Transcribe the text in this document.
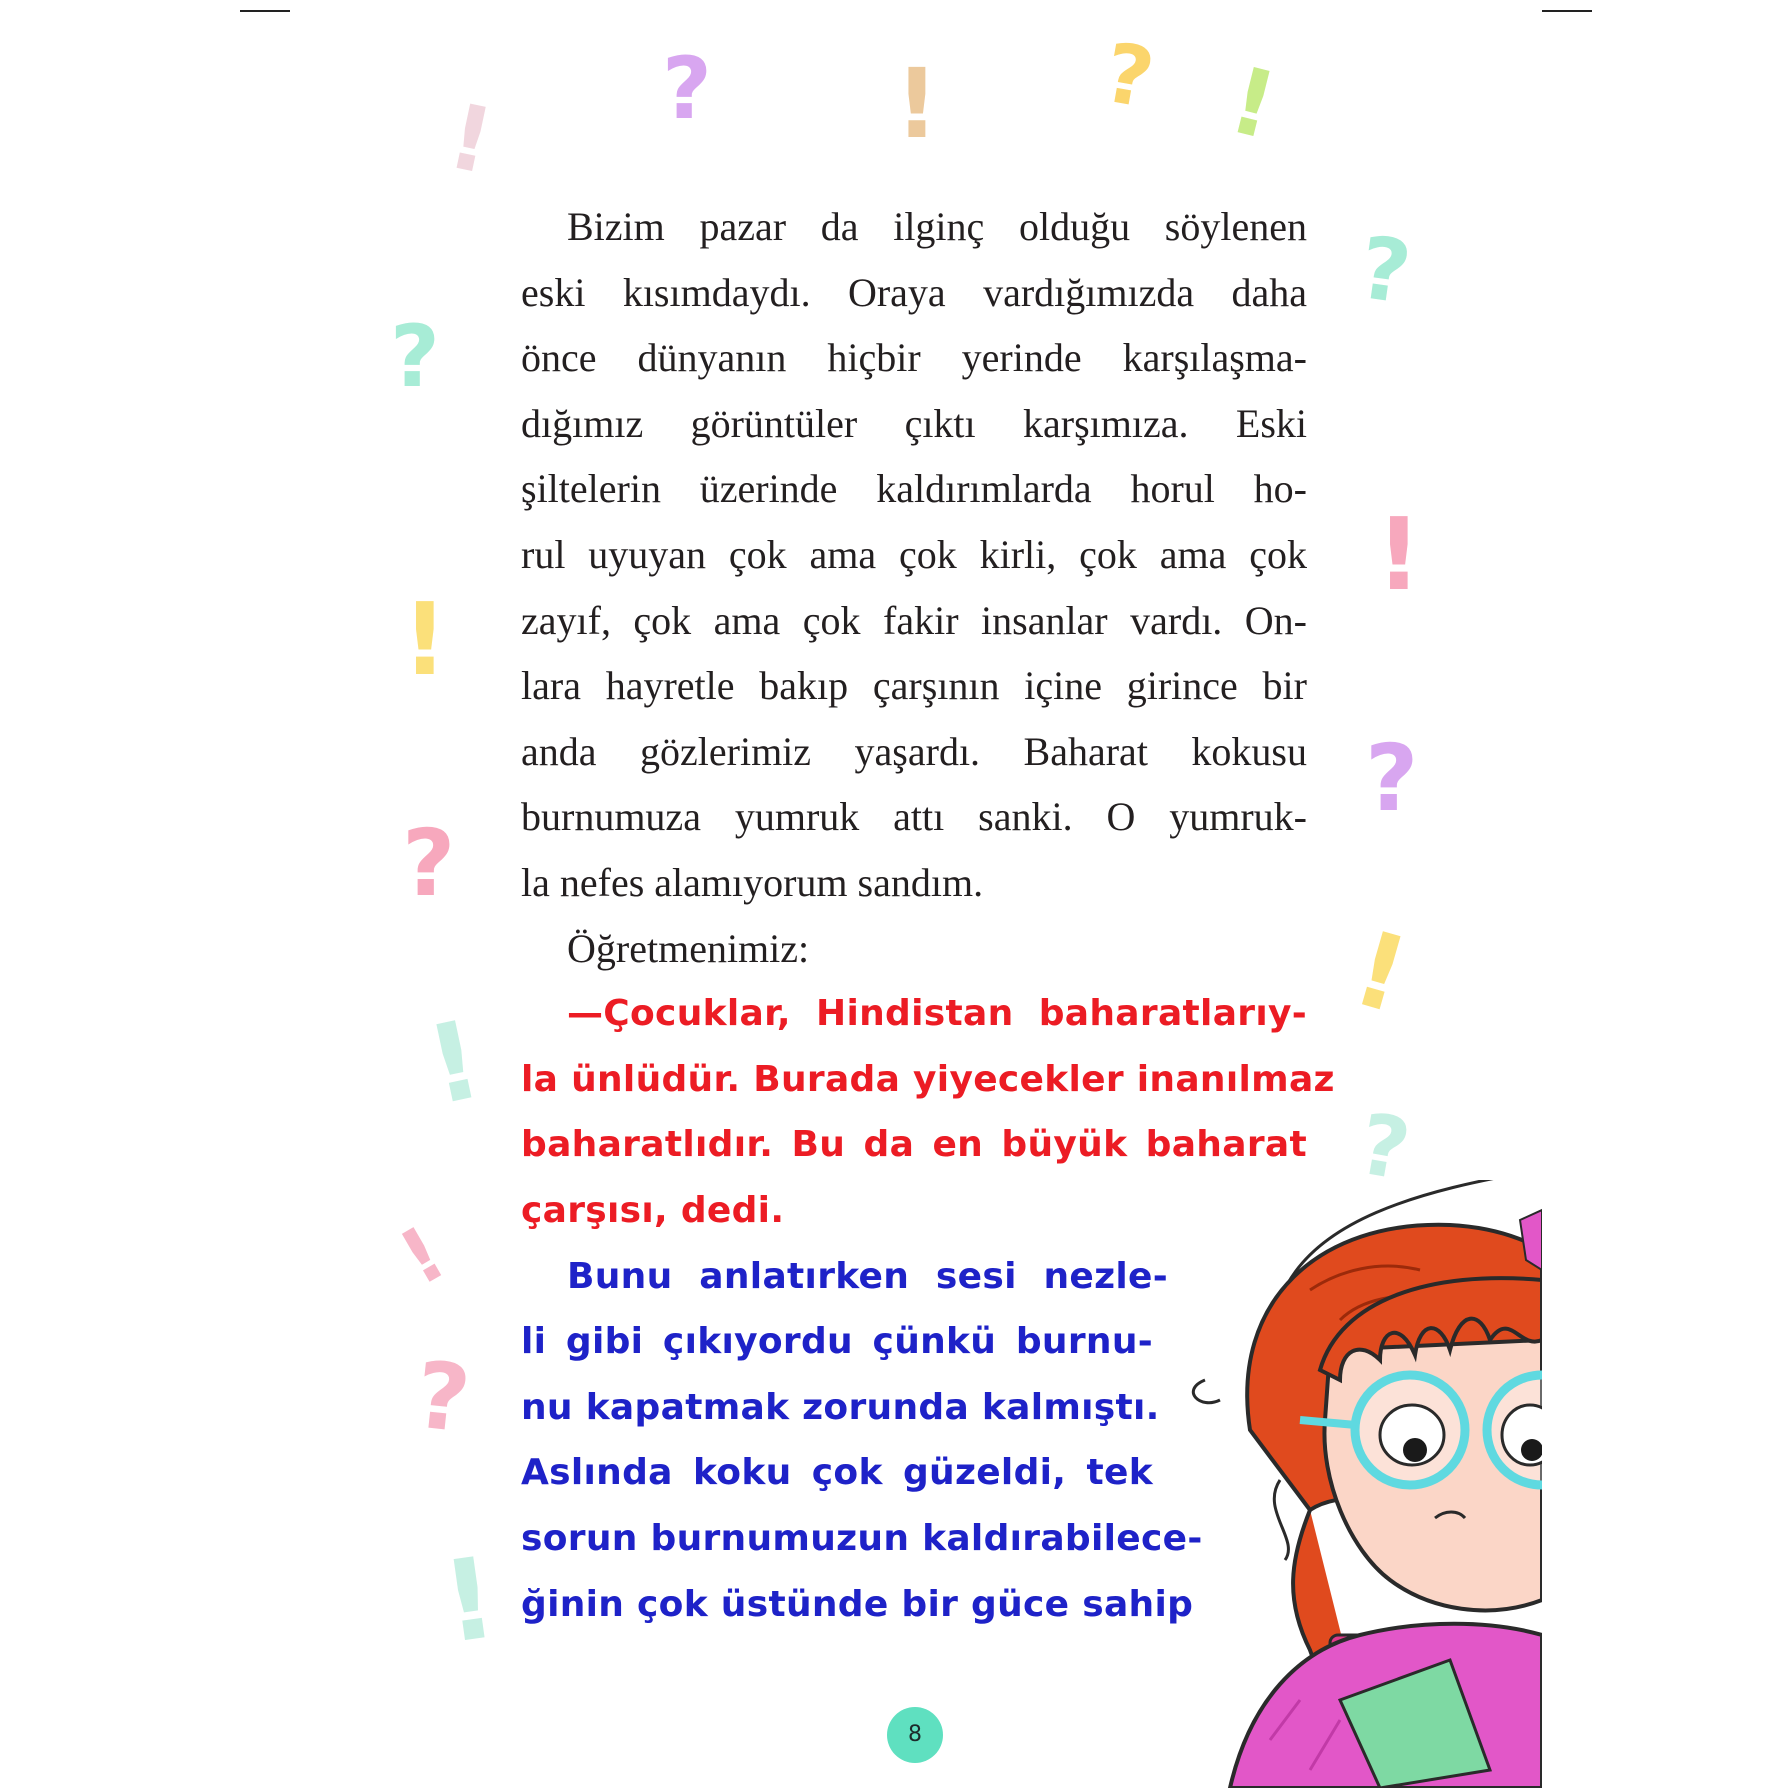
! ? ! ? !
?
?
!
!
?
?
!
!
?
!
?
!
Bizim pazar da ilginç olduğu söylenen
eski kısımdaydı. Oraya vardığımızda daha
önce dünyanın hiçbir yerinde karşılaşma-
dığımız görüntüler çıktı karşımıza. Eski
şiltelerin üzerinde kaldırımlarda horul ho-
rul uyuyan çok ama çok kirli, çok ama çok
zayıf, çok ama çok fakir insanlar vardı. On-
lara hayretle bakıp çarşının içine girince bir
anda gözlerimiz yaşardı. Baharat kokusu
burnumuza yumruk attı sanki. O yumruk-
la nefes alamıyorum sandım.
Öğretmenimiz:
—Çocuklar, Hindistan baharatlarıy-
la ünlüdür. Burada yiyecekler inanılmaz
baharatlıdır. Bu da en büyük baharat
çarşısı, dedi.
Bunu anlatırken sesi nezle-
li gibi çıkıyordu çünkü burnu-
nu kapatmak zorunda kalmıştı.
Aslında koku çok güzeldi, tek
sorun burnumuzun kaldırabilece-
ğinin çok üstünde bir güce sahip
8
